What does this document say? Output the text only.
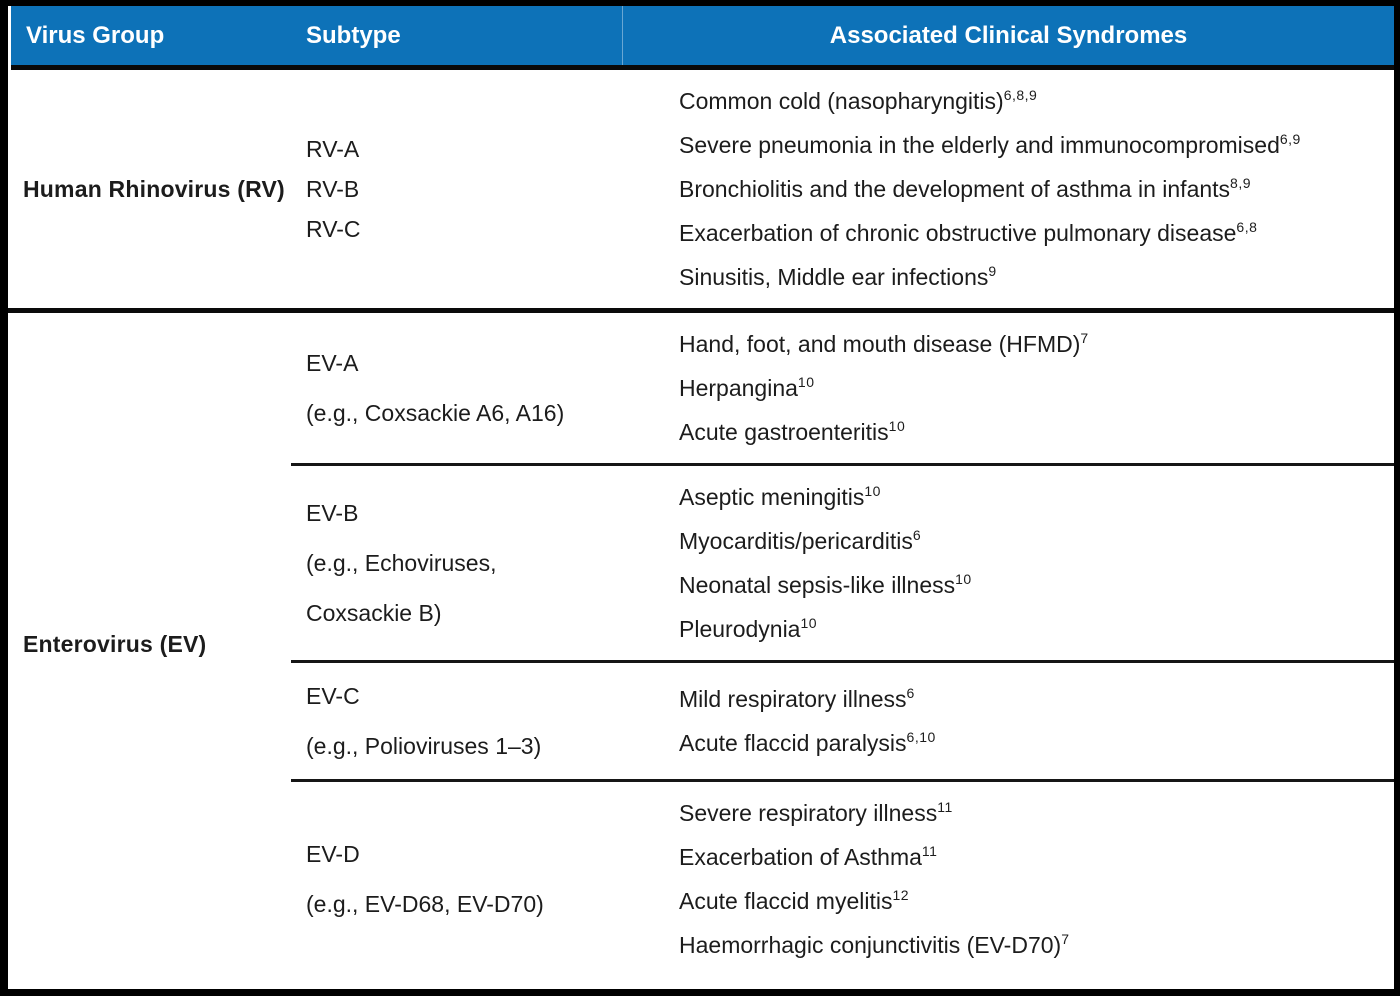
Virus Group	Subtype	Associated Clinical Syndromes
Human Rhinovirus (RV)
RV-A
RV-B
RV-C
Common cold (nasopharyngitis)$^{6,8,9}$
Severe pneumonia in the elderly and immunocompromised$^{6,9}$
Bronchiolitis and the development of asthma in infants$^{8,9}$
Exacerbation of chronic obstructive pulmonary disease$^{6,8}$
Sinusitis, Middle ear infections$^9$
Enterovirus (EV)
EV-A
(e.g., Coxsackie A6, A16)
Hand, foot, and mouth disease (HFMD)$^7$
Herpangina$^{10}$
Acute gastroenteritis$^{10}$
EV-B
(e.g., Echoviruses,
Coxsackie B)
Aseptic meningitis$^{10}$
Myocarditis/pericarditis$^6$
Neonatal sepsis-like illness$^{10}$
Pleurodynia$^{10}$
EV-C
(e.g., Polioviruses 1–3)
Mild respiratory illness$^6$
Acute flaccid paralysis$^{6,10}$
EV-D
(e.g., EV-D68, EV-D70)
Severe respiratory illness$^{11}$
Exacerbation of Asthma$^{11}$
Acute flaccid myelitis$^{12}$
Haemorrhagic conjunctivitis (EV-D70)$^7$
